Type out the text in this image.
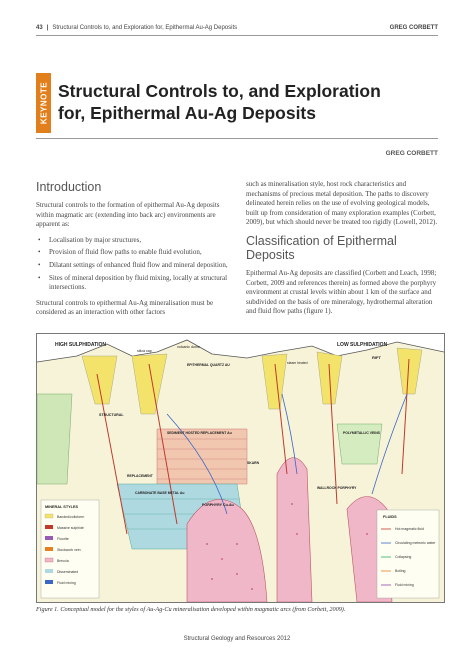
43 | Structural Controls to, and Exploration for, Epithermal Au-Ag Deposits	GREG CORBETT
KEYNOTE Structural Controls to, and Exploration for, Epithermal Au-Ag Deposits
GREG CORBETT
Introduction

Structural controls to the formation of epithermal Au-Ag deposits within magmatic arc (extending into back arc) environments are apparent as:

• Localisation by major structures,
• Provision of fluid flow paths to enable fluid evolution,
• Dilatant settings of enhanced fluid flow and mineral deposition,
• Sites of mineral deposition by fluid mixing, locally at structural intersections.

Structural controls to epithermal Au-Ag mineralisation must be considered as an interaction with other factors

such as mineralisation style, host rock characteristics and mechanisms of precious metal deposition. The paths to discovery delineated herein relies on the use of evolving geological models, built up from consideration of many exploration examples (Corbett, 2009), but which should never be treated too rigidly (Lowell, 2012).

Classification of Epithermal Deposits

Epithermal Au-Ag deposits are classified (Corbett and Leach, 1998; Corbett, 2009 and references therein) as formed above the porphyry environment at crustal levels within about 1 km of the surface and subdivided on the basis of ore mineralogy, hydrothermal alteration and fluid flow paths (figure 1).

HIGH SULPHIDATION	LOW SULPHIDATION
silica cap
volcanic dome
EPITHERMAL QUARTZ AU	steam heated
RIFT
STRUCTURAL
SEDIMENT HOSTED REPLACEMENT Au
PORPHYRY Cu-Au
SKARN
REPLACEMENT
CARBONATE BASE METAL Au
POLYMETALLIC VEINS
WALLROCK PORPHYRY
MINERAL STYLES
Banded/colloform
Massive sulphide
Fluorite
Stockwork vein
Breccia
Disseminated
Fluid mixing
FLUIDS
Hot magmatic fluid
Circulating meteoric water
Collapsing
Boiling
Fluid mixing
Figure 1. Conceptual model for the styles of Au-Ag-Cu mineralisation developed within magmatic arcs (from Corbett, 2009).
Structural Geology and Resources 2012
